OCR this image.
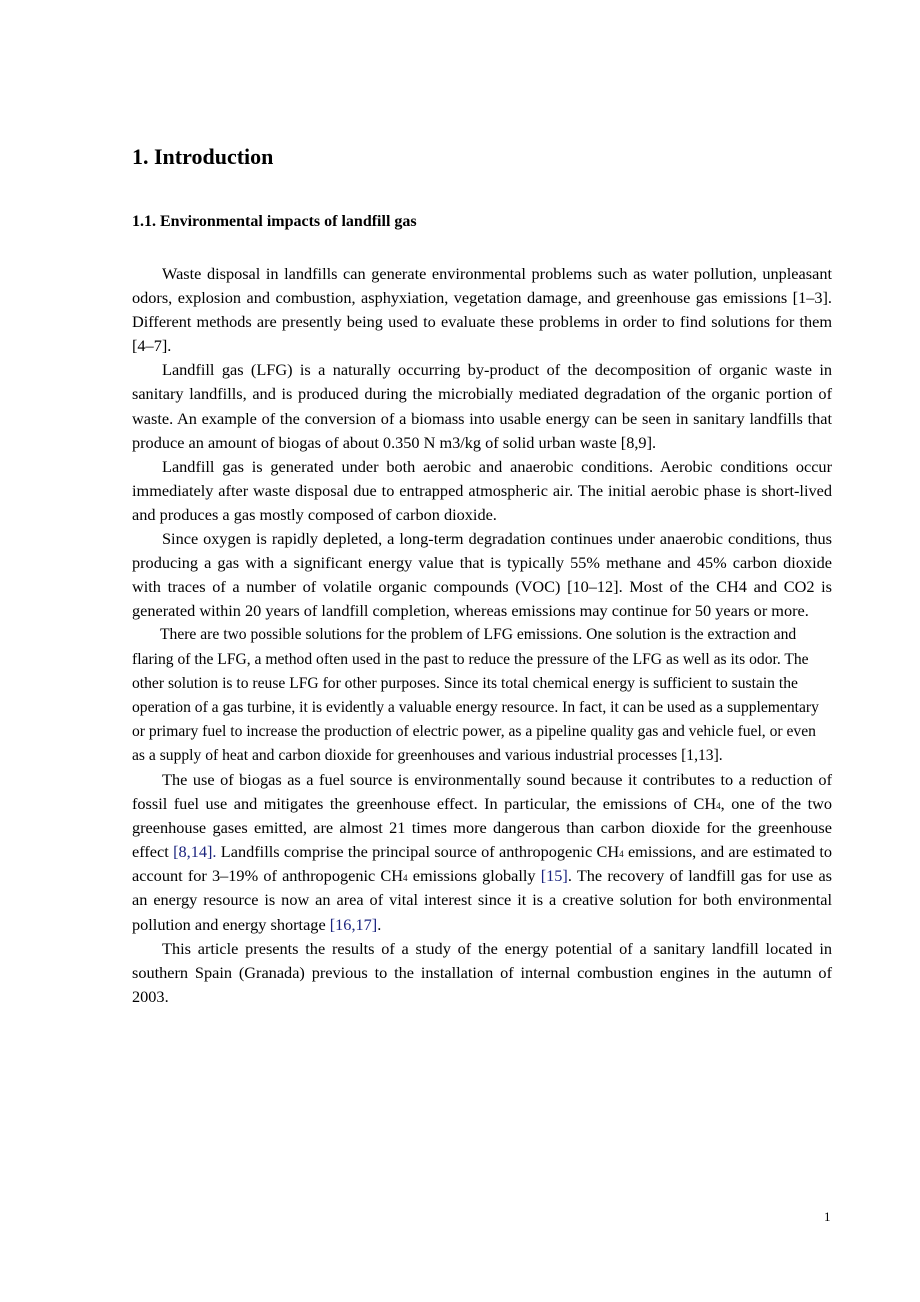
1. Introduction
1.1. Environmental impacts of landfill gas

Waste disposal in landfills can generate environmental problems such as water pollution, unpleasant odors, explosion and combustion, asphyxiation, vegetation damage, and greenhouse gas emissions [1–3]. Different methods are presently being used to evaluate these problems in order to find solutions for them [4–7].

Landfill gas (LFG) is a naturally occurring by-product of the decomposition of organic waste in sanitary landfills, and is produced during the microbially mediated degradation of the organic portion of waste. An example of the conversion of a biomass into usable energy can be seen in sanitary landfills that produce an amount of biogas of about 0.350 N m3/kg of solid urban waste [8,9].

Landfill gas is generated under both aerobic and anaerobic conditions. Aerobic conditions occur immediately after waste disposal due to entrapped atmospheric air. The initial aerobic phase is short-lived and produces a gas mostly composed of carbon dioxide.

Since oxygen is rapidly depleted, a long-term degradation continues under anaerobic conditions, thus producing a gas with a significant energy value that is typically 55% methane and 45% carbon dioxide with traces of a number of volatile organic compounds (VOC) [10–12]. Most of the CH4 and CO2 is generated within 20 years of landfill completion, whereas emissions may continue for 50 years or more.

There are two possible solutions for the problem of LFG emissions. One solution is the extraction and flaring of the LFG, a method often used in the past to reduce the pressure of the LFG as well as its odor. The other solution is to reuse LFG for other purposes. Since its total chemical energy is sufficient to sustain the operation of a gas turbine, it is evidently a valuable energy resource. In fact, it can be used as a supplementary or primary fuel to increase the production of electric power, as a pipeline quality gas and vehicle fuel, or even as a supply of heat and carbon dioxide for greenhouses and various industrial processes [1,13].

The use of biogas as a fuel source is environmentally sound because it contributes to a reduction of fossil fuel use and mitigates the greenhouse effect. In particular, the emissions of CH4, one of the two greenhouse gases emitted, are almost 21 times more dangerous than carbon dioxide for the greenhouse effect [8,14]. Landfills comprise the principal source of anthropogenic CH4 emissions, and are estimated to account for 3–19% of anthropogenic CH4 emissions globally [15]. The recovery of landfill gas for use as an energy resource is now an area of vital interest since it is a creative solution for both environmental pollution and energy shortage [16,17].

This article presents the results of a study of the energy potential of a sanitary landfill located in southern Spain (Granada) previous to the installation of internal combustion engines in the autumn of 2003.

1
